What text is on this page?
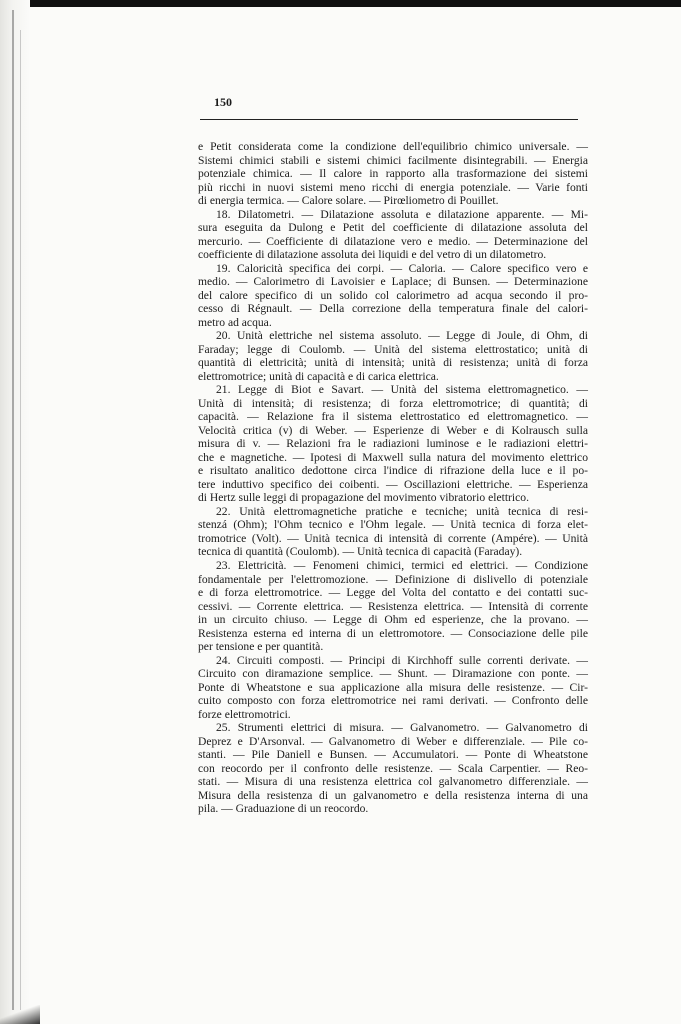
150
e Petit considerata come la condizione dell'equilibrio chimico universale. —
Sistemi chimici stabili e sistemi chimici facilmente disintegrabili. — Energia
potenziale chimica. — Il calore in rapporto alla trasformazione dei sistemi
più ricchi in nuovi sistemi meno ricchi di energia potenziale. — Varie fonti
di energia termica. — Calore solare. — Pirœliometro di Pouillet.
18. Dilatometri. — Dilatazione assoluta e dilatazione apparente. — Mi-
sura eseguita da Dulong e Petit del coefficiente di dilatazione assoluta del
mercurio. — Coefficiente di dilatazione vero e medio. — Determinazione del
coefficiente di dilatazione assoluta dei liquidi e del vetro di un dilatometro.
19. Caloricità specifica dei corpi. — Caloria. — Calore specifico vero e
medio. — Calorimetro di Lavoisier e Laplace; di Bunsen. — Determinazione
del calore specifico di un solido col calorimetro ad acqua secondo il pro-
cesso di Régnault. — Della correzione della temperatura finale del calori-
metro ad acqua.
20. Unità elettriche nel sistema assoluto. — Legge di Joule, di Ohm, di
Faraday; legge di Coulomb. — Unità del sistema elettrostatico; unità di
quantità di elettricità; unità di intensità; unità di resistenza; unità di forza
elettromotrice; unità di capacità e di carica elettrica.
21. Legge di Biot e Savart. — Unità del sistema elettromagnetico. —
Unità di intensità; di resistenza; di forza elettromotrice; di quantità; di
capacità. — Relazione fra il sistema elettrostatico ed elettromagnetico. —
Velocità critica (v) di Weber. — Esperienze di Weber e di Kolrausch sulla
misura di v. — Relazioni fra le radiazioni luminose e le radiazioni elettri-
che e magnetiche. — Ipotesi di Maxwell sulla natura del movimento elettrico
e risultato analitico dedottone circa l'indice di rifrazione della luce e il po-
tere induttivo specifico dei coibenti. — Oscillazioni elettriche. — Esperienza
di Hertz sulle leggi di propagazione del movimento vibratorio elettrico.
22. Unità elettromagnetiche pratiche e tecniche; unità tecnica di resi-
stenzá (Ohm); l'Ohm tecnico e l'Ohm legale. — Unità tecnica di forza elet-
tromotrice (Volt). — Unità tecnica di intensità di corrente (Ampére). — Unità
tecnica di quantità (Coulomb). — Unità tecnica di capacità (Faraday).
23. Elettricità. — Fenomeni chimici, termici ed elettrici. — Condizione
fondamentale per l'elettromozione. — Definizione di dislivello di potenziale
e di forza elettromotrice. — Legge del Volta del contatto e dei contatti suc-
cessivi. — Corrente elettrica. — Resistenza elettrica. — Intensità di corrente
in un circuito chiuso. — Legge di Ohm ed esperienze, che la provano. —
Resistenza esterna ed interna di un elettromotore. — Consociazione delle pile
per tensione e per quantità.
24. Circuiti composti. — Principi di Kirchhoff sulle correnti derivate. —
Circuito con diramazione semplice. — Shunt. — Diramazione con ponte. —
Ponte di Wheatstone e sua applicazione alla misura delle resistenze. — Cir-
cuito composto con forza elettromotrice nei rami derivati. — Confronto delle
forze elettromotrici.
25. Strumenti elettrici di misura. — Galvanometro. — Galvanometro di
Deprez e D'Arsonval. — Galvanometro di Weber e differenziale. — Pile co-
stanti. — Pile Daniell e Bunsen. — Accumulatori. — Ponte di Wheatstone
con reocordo per il confronto delle resistenze. — Scala Carpentier. — Reo-
stati. — Misura di una resistenza elettrica col galvanometro differenziale. —
Misura della resistenza di un galvanometro e della resistenza interna di una
pila. — Graduazione di un reocordo.
